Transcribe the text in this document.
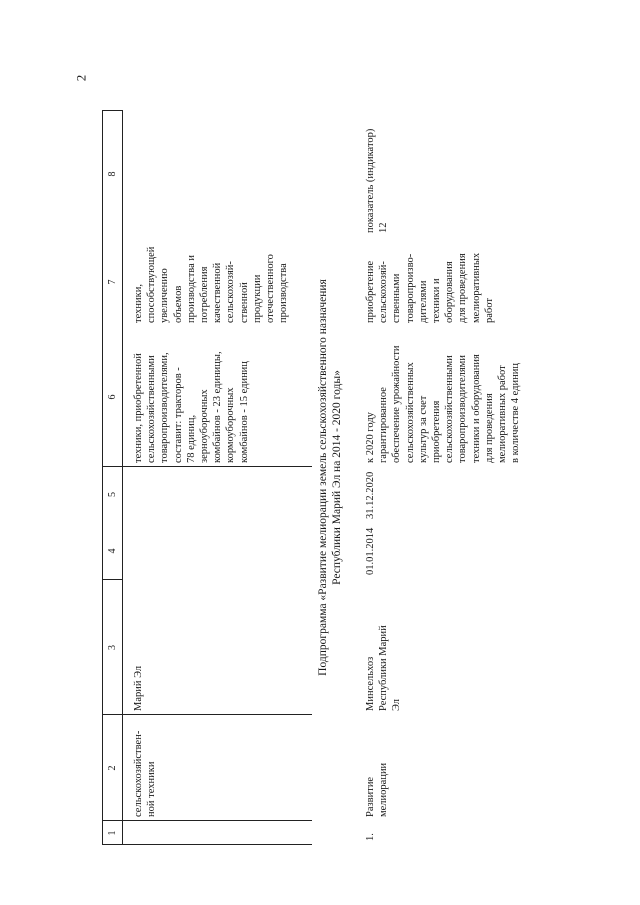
2
1
2
3
4
5
6
7
8
сельскохозяйствен-ной техники
Марий Эл
техники, приобретенной сельскохозяйственными товаропроизводителями, составит: тракторов - 78 единиц, зерноуборочных комбайнов - 23 единицы, кормоуборочных комбайнов - 15 единиц
техники, способствующей увеличению объемов производства и потребления качественной сельскохозяй- ственной продукции отечественного производства Подпрограмма «Развитие мелиорации земель сельскохозяйственного назначения Республики Марий Эл на 2014 - 2020 годы»
1.
Развитие мелиорации
Минсельхоз Республики Марий Эл
01.01.2014
31.12.2020
к 2020 году гарантированное обеспечение урожайности сельскохозяйственных культур за счет приобретения сельскохозяйственными товаропроизводителями техники и оборудования для проведения мелиоративных работ в количестве 4 единиц
приобретение сельскохозяй- ственными товаропроизво- дителями техники и оборудования для проведения мелиоративных работ
показатель (индикатор) 12
